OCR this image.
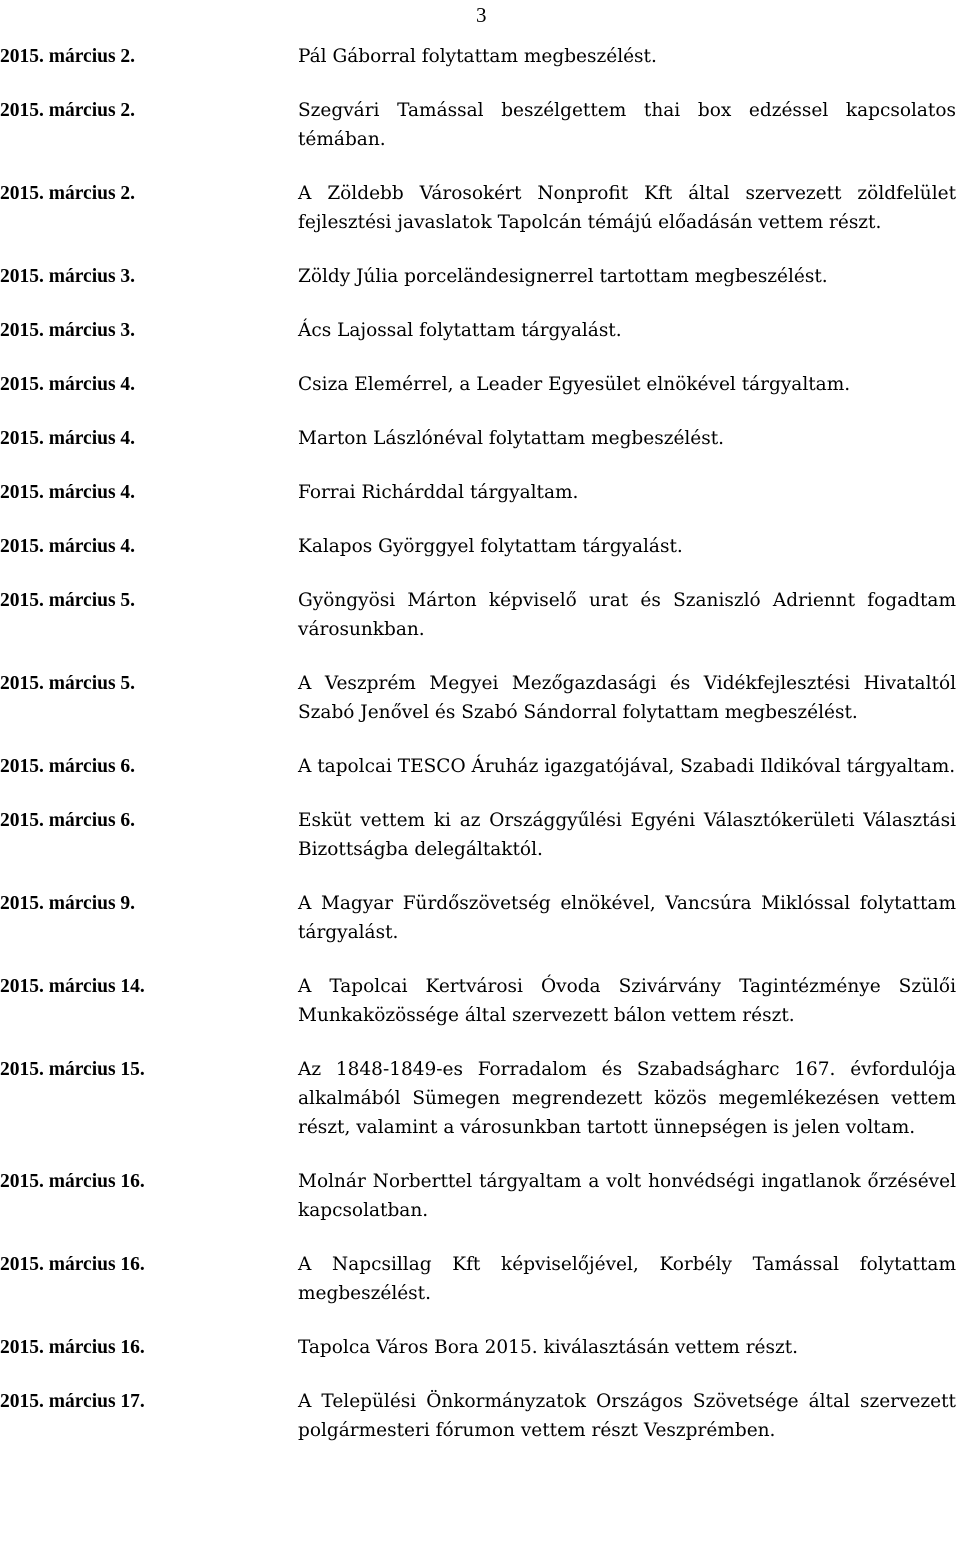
3
2015. március 2.	Pál Gáborral folytattam megbeszélést.
2015. március 2.	Szegvári Tamással beszélgettem thai box edzéssel kapcsolatos témában.
2015. március 2.	A Zöldebb Városokért Nonprofit Kft által szervezett zöldfelület fejlesztési javaslatok Tapolcán témájú előadásán vettem részt.
2015. március 3.	Zöldy Júlia porceländesignerrel tartottam megbeszélést.
2015. március 3.	Ács Lajossal folytattam tárgyalást.
2015. március 4.	Csiza Elemérrel, a Leader Egyesület elnökével tárgyaltam.
2015. március 4.	Marton Lászlónéval folytattam megbeszélést.
2015. március 4.	Forrai Richárddal tárgyaltam.
2015. március 4.	Kalapos Györggyel folytattam tárgyalást.
2015. március 5.	Gyöngyösi Márton képviselő urat és Szaniszló Adriennt fogadtam városunkban.
2015. március 5.	A Veszprém Megyei Mezőgazdasági és Vidékfejlesztési Hivataltól Szabó Jenővel és Szabó Sándorral folytattam megbeszélést.
2015. március 6.	A tapolcai TESCO Áruház igazgatójával, Szabadi Ildikóval tárgyaltam.
2015. március 6.	Esküt vettem ki az Országgyűlési Egyéni Választókerületi Választási Bizottságba delegáltaktól.
2015. március 9.	A Magyar Fürdőszövetség elnökével, Vancsúra Miklóssal folytattam tárgyalást.
2015. március 14.	A Tapolcai Kertvárosi Óvoda Szivárvány Tagintézménye Szülői Munkaközössége által szervezett bálon vettem részt.
2015. március 15.	Az 1848-1849-es Forradalom és Szabadságharc 167. évfordulója alkalmából Sümegen megrendezett közös megemlékezésen vettem részt, valamint a városunkban tartott ünnepségen is jelen voltam.
2015. március 16.	Molnár Norberttel tárgyaltam a volt honvédségi ingatlanok őrzésével kapcsolatban.
2015. március 16.	A Napcsillag Kft képviselőjével, Korbély Tamással folytattam megbeszélést.
2015. március 16.	Tapolca Város Bora 2015. kiválasztásán vettem részt.
2015. március 17.	A Települési Önkormányzatok Országos Szövetsége által szervezett polgármesteri fórumon vettem részt Veszprémben.
